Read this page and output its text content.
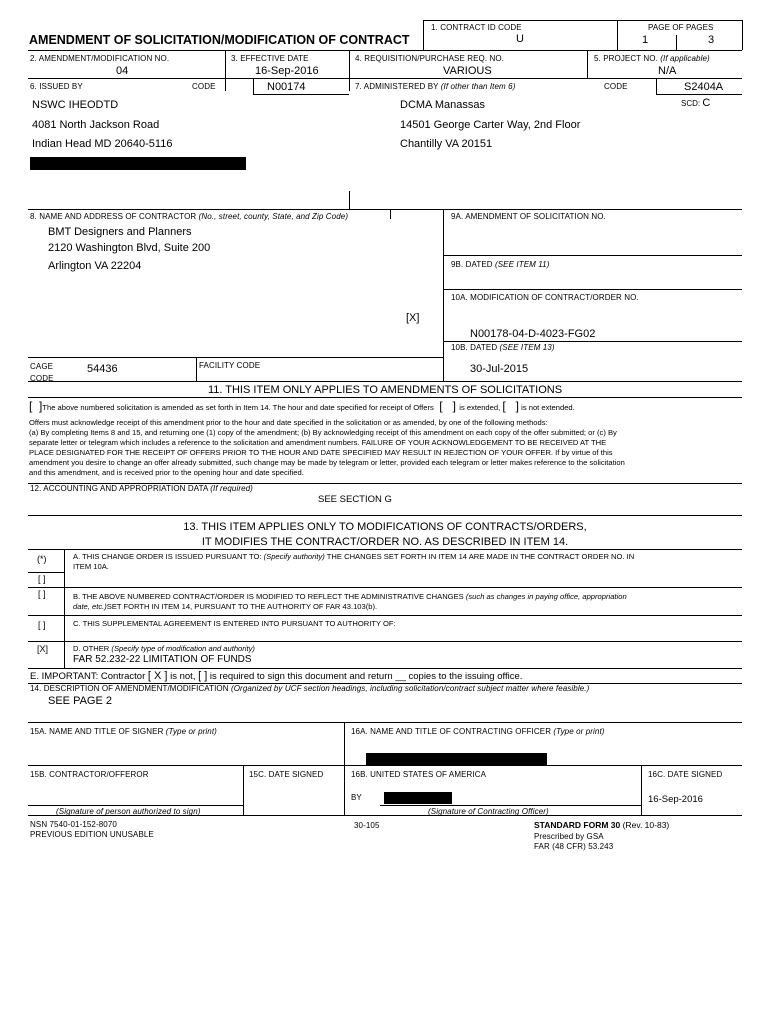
AMENDMENT OF SOLICITATION/MODIFICATION OF CONTRACT
1. CONTRACT ID CODE
U
PAGE OF PAGES
1	3
2. AMENDMENT/MODIFICATION NO.
04
3. EFFECTIVE DATE
16-Sep-2016
4. REQUISITION/PURCHASE REQ. NO.
VARIOUS
5. PROJECT NO. (If applicable)
N/A
6. ISSUED BY	CODE	N00174	7. ADMINISTERED BY (If other than Item 6)	CODE	S2404A
SCD: C
NSWC IHEODTD
4081 North Jackson Road
Indian Head MD 20640-5116
DCMA Manassas
14501 George Carter Way, 2nd Floor
Chantilly VA 20151
8. NAME AND ADDRESS OF CONTRACTOR (No., street, county, State, and Zip Code)
BMT Designers and Planners
2120 Washington Blvd, Suite 200
Arlington VA 22204
CAGE CODE
54436	FACILITY CODE
9A. AMENDMENT OF SOLICITATION NO.
9B. DATED (SEE ITEM 11)
10A. MODIFICATION OF CONTRACT/ORDER NO.
[X]
N00178-04-D-4023-FG02
10B. DATED (SEE ITEM 13)
30-Jul-2015
11. THIS ITEM ONLY APPLIES TO AMENDMENTS OF SOLICITATIONS
[  ]The above numbered solicitation is amended as set forth in Item 14. The hour and date specified for receipt of Offers  [   ] is extended, [   ] is not extended.
Offers must acknowledge receipt of this amendment prior to the hour and date specified in the solicitation or as amended, by one of the following methods:
(a) By completing Items 8 and 15, and returning one (1) copy of the amendment; (b) By acknowledging receipt of this amendment on each copy of the offer submitted; or (c) By
separate letter or telegram which includes a reference to the solicitation and amendment numbers. FAILURE OF YOUR ACKNOWLEDGEMENT TO BE RECEIVED AT THE
PLACE DESIGNATED FOR THE RECEIPT OF OFFERS PRIOR TO THE HOUR AND DATE SPECIFIED MAY RESULT IN REJECTION OF YOUR OFFER. If by virtue of this
amendment you desire to change an offer already submitted, such change may be made by telegram or letter, provided each telegram or letter makes reference to the solicitation
and this amendment, and is received prior to the opening hour and date specified.
12. ACCOUNTING AND APPROPRIATION DATA (If required)
SEE SECTION G
13. THIS ITEM APPLIES ONLY TO MODIFICATIONS OF CONTRACTS/ORDERS,
IT MODIFIES THE CONTRACT/ORDER NO. AS DESCRIBED IN ITEM 14.
(*)	A. THIS CHANGE ORDER IS ISSUED PURSUANT TO: (Specify authority) THE CHANGES SET FORTH IN ITEM 14 ARE MADE IN THE CONTRACT ORDER NO. IN
ITEM 10A.
[ ]
[ ]	B. THE ABOVE NUMBERED CONTRACT/ORDER IS MODIFIED TO REFLECT THE ADMINISTRATIVE CHANGES (such as changes in paying office, appropriation
date, etc.)SET FORTH IN ITEM 14, PURSUANT TO THE AUTHORITY OF FAR 43.103(b).
[ ]	C. THIS SUPPLEMENTAL AGREEMENT IS ENTERED INTO PURSUANT TO AUTHORITY OF:
[X]	D. OTHER (Specify type of modification and authority)
FAR 52.232-22 LIMITATION OF FUNDS
E. IMPORTANT: Contractor [ X ] is not, [ ] is required to sign this document and return __ copies to the issuing office.
14. DESCRIPTION OF AMENDMENT/MODIFICATION (Organized by UCF section headings, including solicitation/contract subject matter where feasible.)
SEE PAGE 2
15A. NAME AND TITLE OF SIGNER (Type or print)	16A. NAME AND TITLE OF CONTRACTING OFFICER (Type or print)
15B. CONTRACTOR/OFFEROR	15C. DATE SIGNED	16B. UNITED STATES OF AMERICA	16C. DATE SIGNED
BY	16-Sep-2016
(Signature of person authorized to sign)	(Signature of Contracting Officer)
NSN 7540-01-152-8070
PREVIOUS EDITION UNUSABLE
30-105	STANDARD FORM 30 (Rev. 10-83)
Prescribed by GSA
FAR (48 CFR) 53.243
